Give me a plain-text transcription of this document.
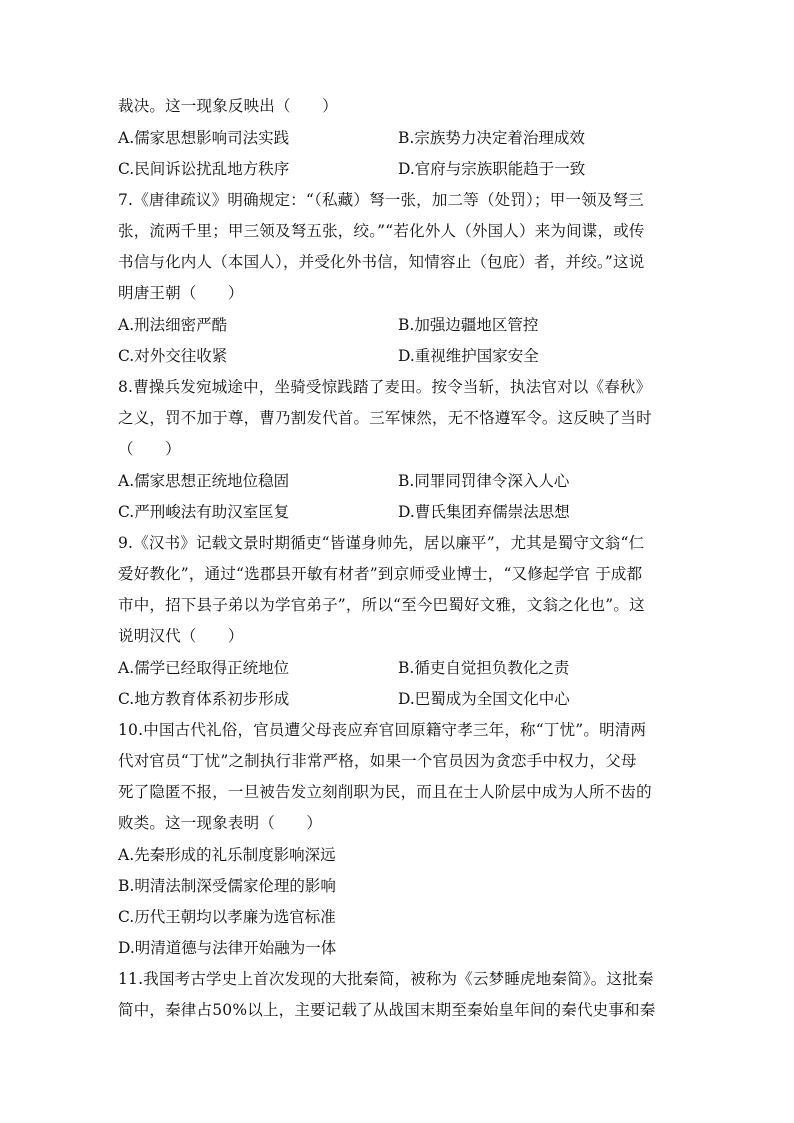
裁决。这一现象反映出（　　）
A.儒家思想影响司法实践	B.宗族势力决定着治理成效
C.民间诉讼扰乱地方秩序	D.官府与宗族职能趋于一致
7.《唐律疏议》明确规定：“（私藏）弩一张，加二等（处罚）；甲一领及弩三
张，流两千里；甲三领及弩五张，绞。”“若化外人（外国人）来为间谍，或传
书信与化内人（本国人），并受化外书信，知情容止（包庇）者，并绞。”这说
明唐王朝（　　）
A.刑法细密严酷	B.加强边疆地区管控
C.对外交往收紧	D.重视维护国家安全
8.曹操兵发宛城途中，坐骑受惊践踏了麦田。按令当斩，执法官对以《春秋》
之义，罚不加于尊，曹乃割发代首。三军悚然，无不恪遵军令。这反映了当时
（　　）
A.儒家思想正统地位稳固	B.同罪同罚律令深入人心
C.严刑峻法有助汉室匡复	D.曹氏集团弃儒崇法思想
9.《汉书》记载文景时期循吏“皆谨身帅先，居以廉平”，尤其是蜀守文翁“仁
爱好教化”，通过“选郡县开敏有材者”到京师受业博士，“又修起学官 于成都
市中，招下县子弟以为学官弟子”，所以“至今巴蜀好文雅，文翁之化也”。这
说明汉代（　　）
A.儒学已经取得正统地位	B.循吏自觉担负教化之责
C.地方教育体系初步形成	D.巴蜀成为全国文化中心
10.中国古代礼俗，官员遭父母丧应弃官回原籍守孝三年，称“丁忧”。明清两
代对官员“丁忧”之制执行非常严格，如果一个官员因为贪恋手中权力，父母
死了隐匿不报，一旦被告发立刻削职为民，而且在士人阶层中成为人所不齿的
败类。这一现象表明（　　）
A.先秦形成的礼乐制度影响深远
B.明清法制深受儒家伦理的影响
C.历代王朝均以孝廉为选官标准
D.明清道德与法律开始融为一体
11.我国考古学史上首次发现的大批秦简，被称为《云梦睡虎地秦简》。这批秦
简中，秦律占50%以上，主要记载了从战国末期至秦始皇年间的秦代史事和秦
